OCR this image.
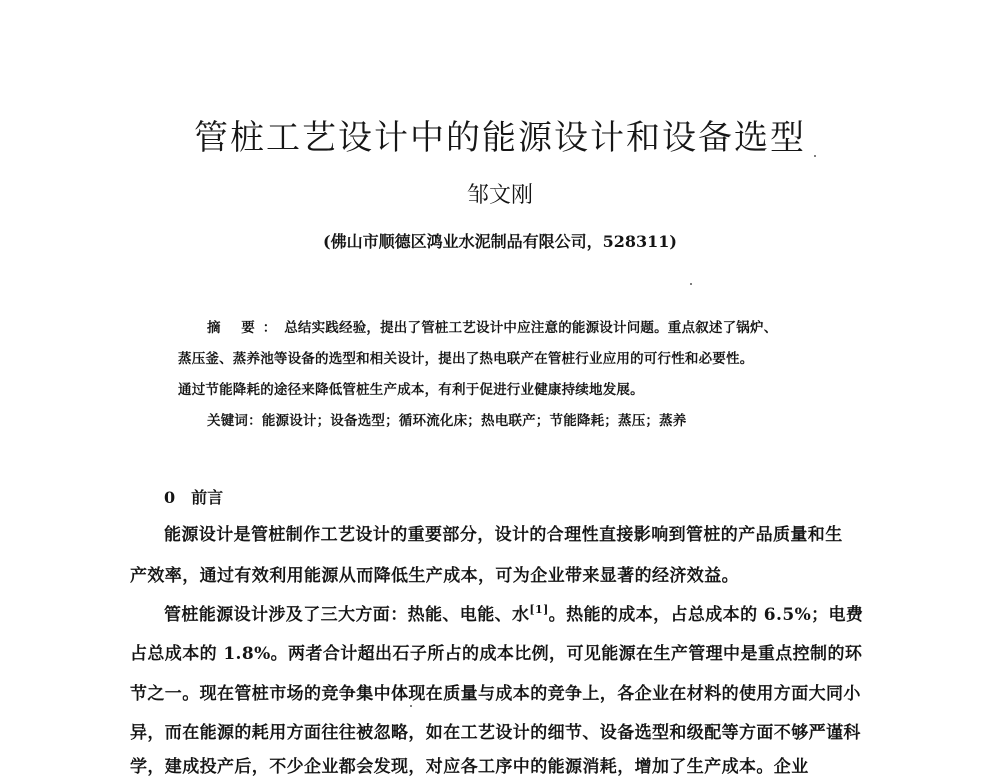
管桩工艺设计中的能源设计和设备选型

邹文刚

(佛山市顺德区鸿业水泥制品有限公司，528311)

摘 要：总结实践经验，提出了管桩工艺设计中应注意的能源设计问题。重点叙述了锅炉、

蒸压釜、蒸养池等设备的选型和相关设计，提出了热电联产在管桩行业应用的可行性和必要性。

通过节能降耗的途径来降低管桩生产成本，有利于促进行业健康持续地发展。

关键词：能源设计；设备选型；循环流化床；热电联产；节能降耗；蒸压；蒸养

0 前言

能源设计是管桩制作工艺设计的重要部分，设计的合理性直接影响到管桩的产品质量和生

产效率，通过有效利用能源从而降低生产成本，可为企业带来显著的经济效益。

管桩能源设计涉及了三大方面：热能、电能、水[1]。热能的成本，占总成本的 6.5%；电费

占总成本的 1.8%。两者合计超出石子所占的成本比例，可见能源在生产管理中是重点控制的环

节之一。现在管桩市场的竞争集中体现在质量与成本的竞争上，各企业在材料的使用方面大同小

异，而在能源的耗用方面往往被忽略，如在工艺设计的细节、设备选型和级配等方面不够严谨科

学，建成投产后，不少企业都会发现，对应各工序中的能源消耗，增加了生产成本。企业
